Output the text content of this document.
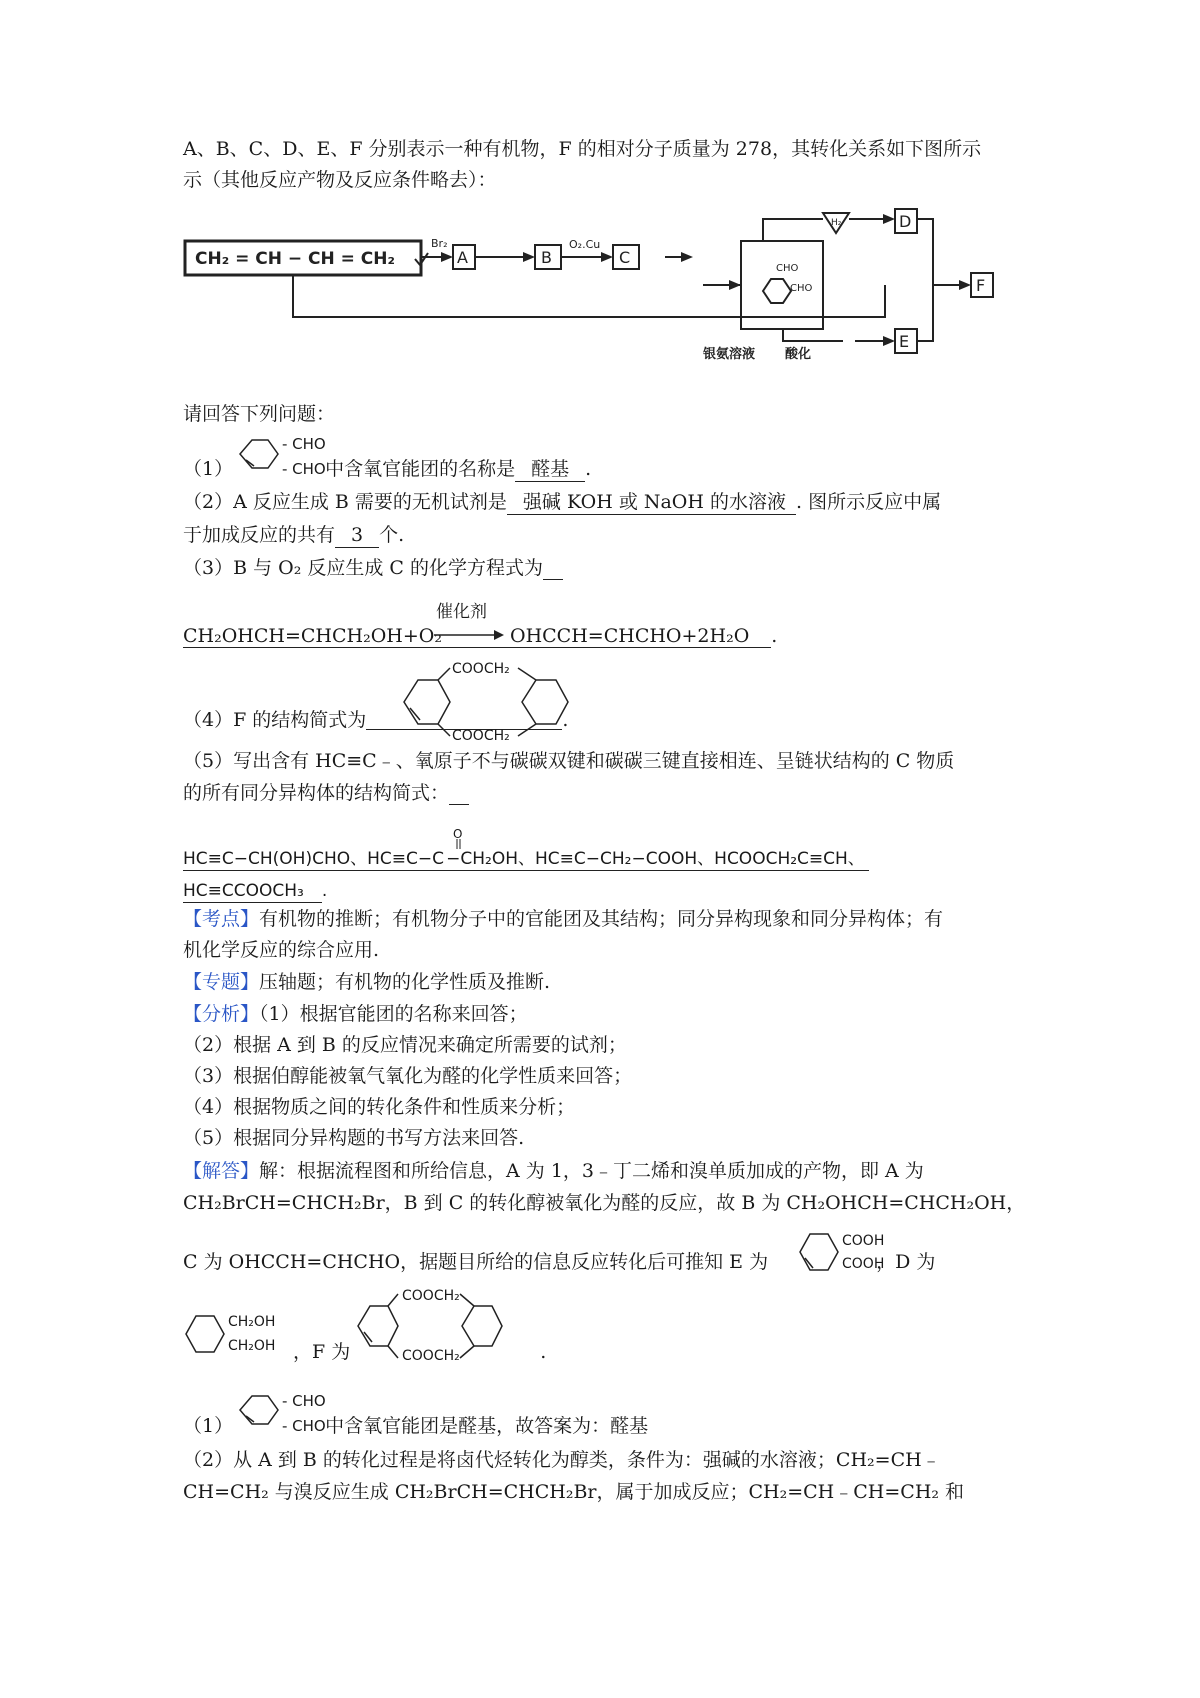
A、B、C、D、E、F 分别表示一种有机物，F 的相对分子质量为 278，其转化关系如下图所示
示（其他反应产物及反应条件略去）：
CH₂ = CH − CH = CH₂
Br₂
A	B
O₂.Cu
C
H₂	D
E
F
CHO
CHO
银氨溶液 酸化
请回答下列问题：
（1）	中含氧官能团的名称是 醛基 .
- CHO
- CHO
（2）A 反应生成 B 需要的无机试剂是 强碱 KOH 或 NaOH 的水溶液 . 图所示反应中属
于加成反应的共有 3 个.
（3）B 与 O₂ 反应生成 C 的化学方程式为
CH₂OHCH=CHCH₂OH+O₂	OHCCH=CHCHO+2H₂O .
催化剂
（4）F 的结构简式为	.
COOCH₂
COOCH₂
（5）写出含有 HC≡C﹣、氧原子不与碳碳双键和碳碳三键直接相连、呈链状结构的 C 物质
的所有同分异构体的结构简式：
HC≡C−CH(OH)CHO、HC≡C−C −CH₂OH、HC≡C−CH₂−COOH、HCOOCH₂C≡CH、
O
HC≡CCOOCH₃ .
【考点】有机物的推断；有机物分子中的官能团及其结构；同分异构现象和同分异构体；有
机化学反应的综合应用.
【专题】压轴题；有机物的化学性质及推断.
【分析】（1）根据官能团的名称来回答；
（2）根据 A 到 B 的反应情况来确定所需要的试剂；
（3）根据伯醇能被氧气氧化为醛的化学性质来回答；
（4）根据物质之间的转化条件和性质来分析；
（5）根据同分异构题的书写方法来回答.
【解答】解：根据流程图和所给信息，A 为 1，3﹣丁二烯和溴单质加成的产物，即 A 为
CH₂BrCH=CHCH₂Br，B 到 C 的转化醇被氧化为醛的反应，故 B 为 CH₂OHCH=CHCH₂OH，
C 为 OHCCH=CHCHO，据题目所给的信息反应转化后可推知 E 为	，D 为
COOH
COOH
，F 为	.
CH₂OH
CH₂OH
COOCH₂
COOCH₂
（1）	中含氧官能团是醛基，故答案为：醛基
- CHO
- CHO
（2）从 A 到 B 的转化过程是将卤代烃转化为醇类，条件为：强碱的水溶液；CH₂=CH﹣
CH=CH₂ 与溴反应生成 CH₂BrCH=CHCH₂Br，属于加成反应；CH₂=CH﹣CH=CH₂ 和
